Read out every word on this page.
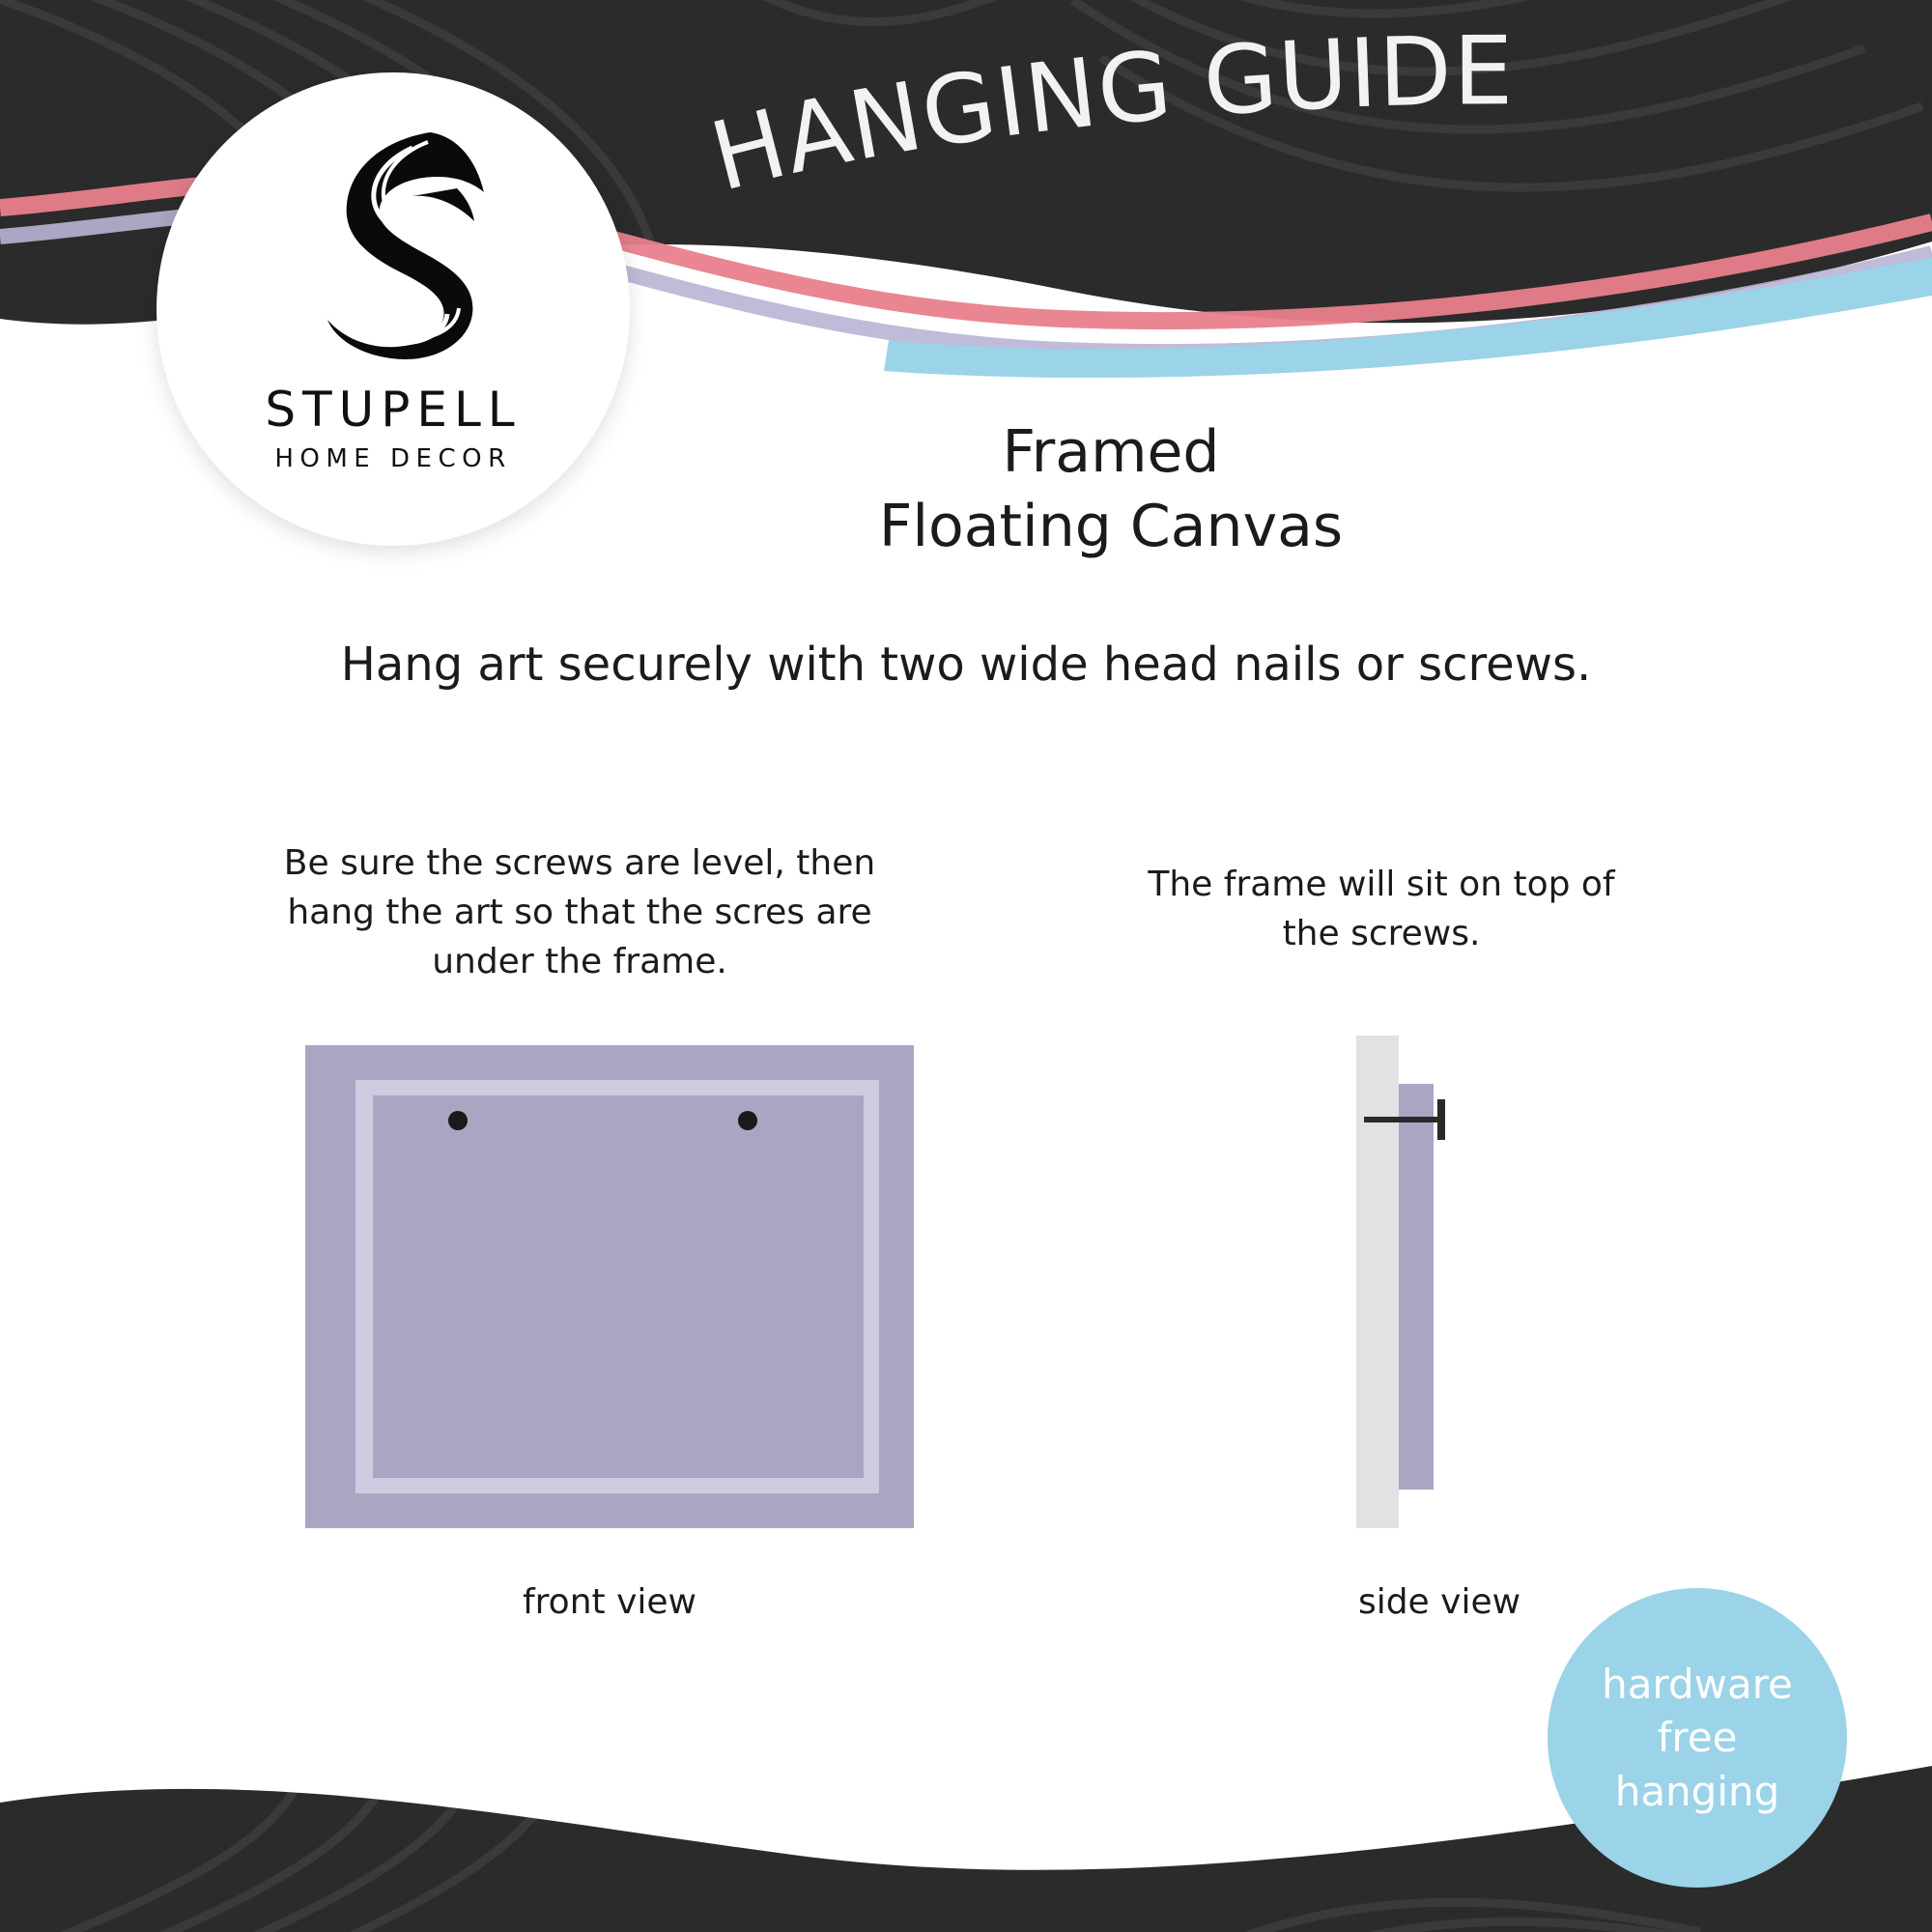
HANGING GUIDE
STUPELL
HOME DECOR	Framed
Floating Canvas
Hang art securely with two wide head nails or screws.
Be sure the screws are level, then hang the art so that the scres are under the frame.
front view
The frame will sit on top of the screws.
side view
hardware
free
hanging
